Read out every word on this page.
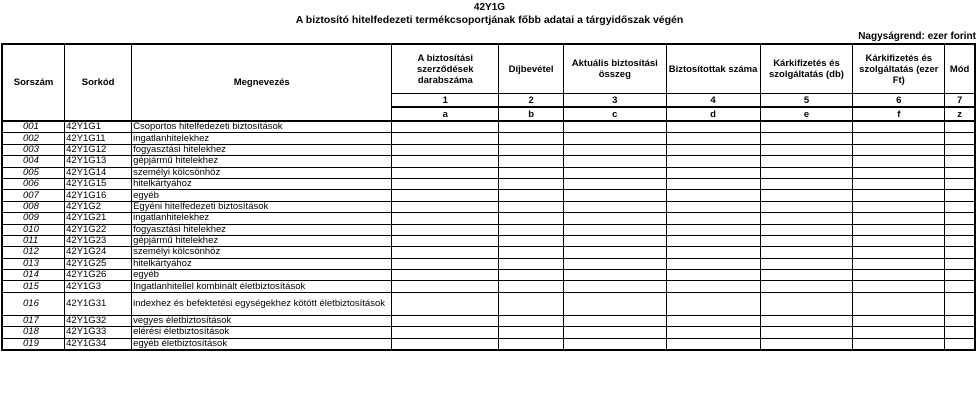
42Y1G
A biztosító hitelfedezeti termékcsoportjának főbb adatai a tárgyidőszak végén
Nagyságrend: ezer forint
Sorszám	Sorkód	Megnevezés	A biztosítási szerződések darabszáma	Díjbevétel	Aktuális biztosítási összeg	Biztosítottak száma	Kárkifizetés és szolgáltatás (db)	Kárkifizetés és szolgáltatás (ezer Ft)	Mód
			1	2	3	4	5	6	7
			a	b	c	d	e	f	z
001	42Y1G1	Csoportos hitelfedezeti biztosítások							
002	42Y1G11	ingatlanhitelekhez							
003	42Y1G12	fogyasztási hitelekhez							
004	42Y1G13	gépjármű hitelekhez							
005	42Y1G14	személyi kölcsönhöz							
006	42Y1G15	hitelkártyához							
007	42Y1G16	egyéb							
008	42Y1G2	Egyéni hitelfedezeti biztosítások							
009	42Y1G21	ingatlanhitelekhez							
010	42Y1G22	fogyasztási hitelekhez							
011	42Y1G23	gépjármű hitelekhez							
012	42Y1G24	személyi kölcsönhöz							
013	42Y1G25	hitelkártyához							
014	42Y1G26	egyéb							
015	42Y1G3	Ingatlanhitellel kombinált életbiztosítások							
016	42Y1G31	indexhez és befektetési egységekhez kötött életbiztosítások							
017	42Y1G32	vegyes életbiztosítások							
018	42Y1G33	elérési életbiztosítások							
019	42Y1G34	egyéb életbiztosítások							
